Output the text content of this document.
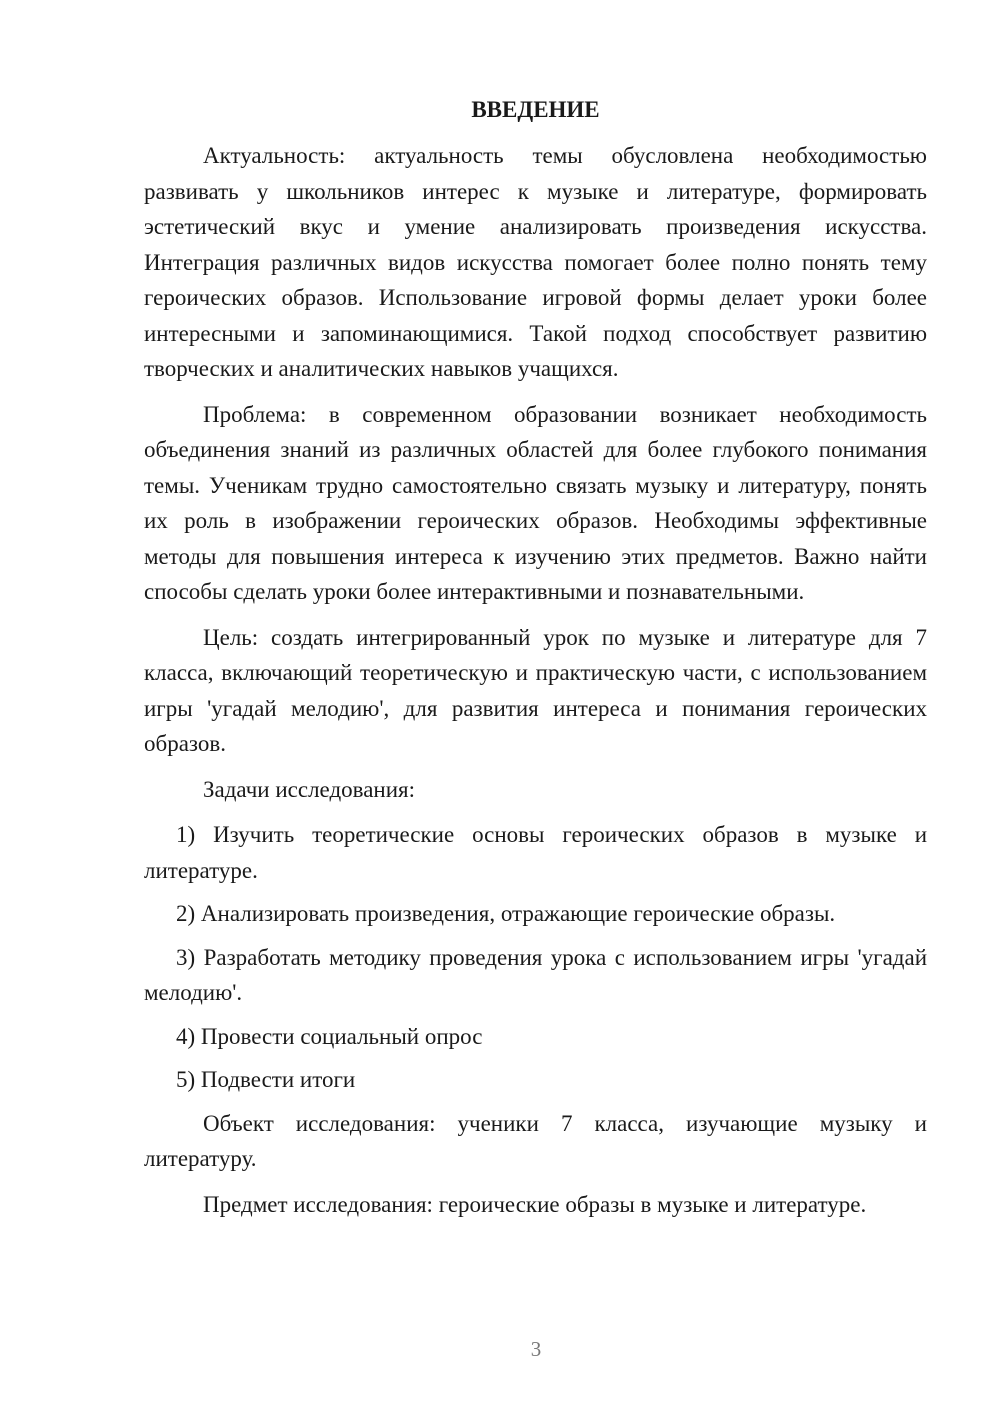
ВВЕДЕНИЕ

Актуальность: актуальность темы обусловлена необходимостью развивать у школьников интерес к музыке и литературе, формировать эстетический вкус и умение анализировать произведения искусства. Интеграция различных видов искусства помогает более полно понять тему героических образов. Использование игровой формы делает уроки более интересными и запоминающимися. Такой подход способствует развитию творческих и аналитических навыков учащихся.

Проблема: в современном образовании возникает необходимость объединения знаний из различных областей для более глубокого понимания темы. Ученикам трудно самостоятельно связать музыку и литературу, понять их роль в изображении героических образов. Необходимы эффективные методы для повышения интереса к изучению этих предметов. Важно найти способы сделать уроки более интерактивными и познавательными.

Цель: создать интегрированный урок по музыке и литературе для 7 класса, включающий теоретическую и практическую части, с использованием игры 'угадай мелодию', для развития интереса и понимания героических образов.

Задачи исследования:

1) Изучить теоретические основы героических образов в музыке и литературе.

2) Анализировать произведения, отражающие героические образы.

3) Разработать методику проведения урока с использованием игры 'угадай мелодию'.

4) Провести социальный опрос

5) Подвести итоги

Объект исследования: ученики 7 класса, изучающие музыку и литературу.

Предмет исследования: героические образы в музыке и литературе.

3
